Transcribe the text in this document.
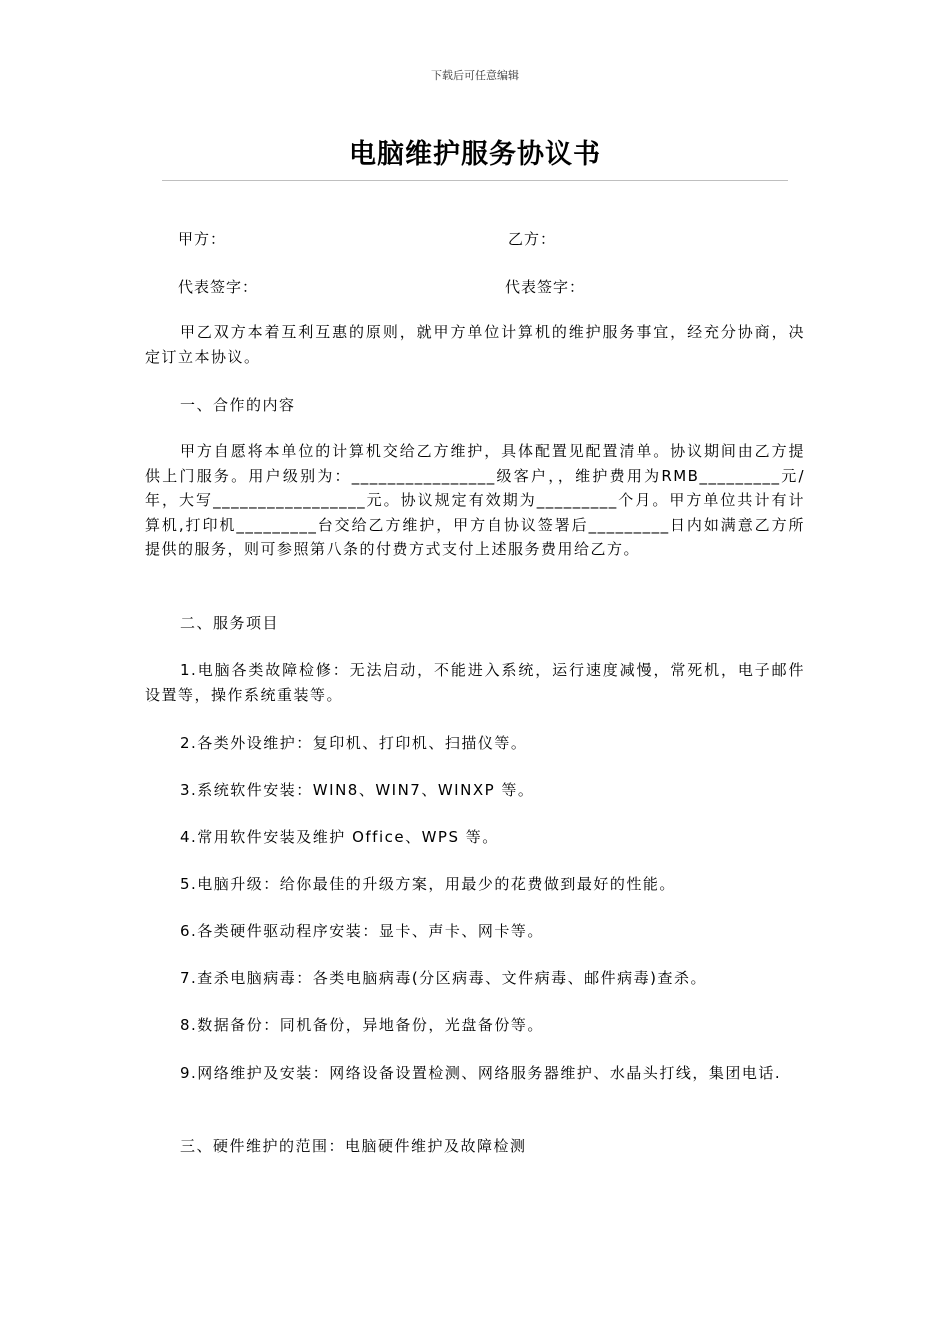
下载后可任意编辑
电脑维护服务协议书
甲方：	乙方：
代表签字：	代表签字：

甲乙双方本着互利互惠的原则，就甲方单位计算机的维护服务事宜，经充分协商，决定订立本协议。

一、合作的内容

甲方自愿将本单位的计算机交给乙方维护，具体配置见配置清单。协议期间由乙方提供上门服务。用户级别为：________________级客户，，维护费用为RMB_________元/年，大写_________________元。协议规定有效期为_________个月。甲方单位共计有计算机,打印机_________台交给乙方维护，甲方自协议签署后_________日内如满意乙方所提供的服务，则可参照第八条的付费方式支付上述服务费用给乙方。

二、服务项目

1.电脑各类故障检修：无法启动，不能进入系统，运行速度减慢，常死机，电子邮件设置等，操作系统重装等。

2.各类外设维护：复印机、打印机、扫描仪等。

3.系统软件安装：WIN8、WIN7、WINXP 等。

4.常用软件安装及维护 Office、WPS 等。

5.电脑升级：给你最佳的升级方案，用最少的花费做到最好的性能。

6.各类硬件驱动程序安装：显卡、声卡、网卡等。

7.查杀电脑病毒：各类电脑病毒(分区病毒、文件病毒、邮件病毒)查杀。

8.数据备份：同机备份，异地备份，光盘备份等。

9.网络维护及安装：网络设备设置检测、网络服务器维护、水晶头打线，集团电话.

三、硬件维护的范围：电脑硬件维护及故障检测
